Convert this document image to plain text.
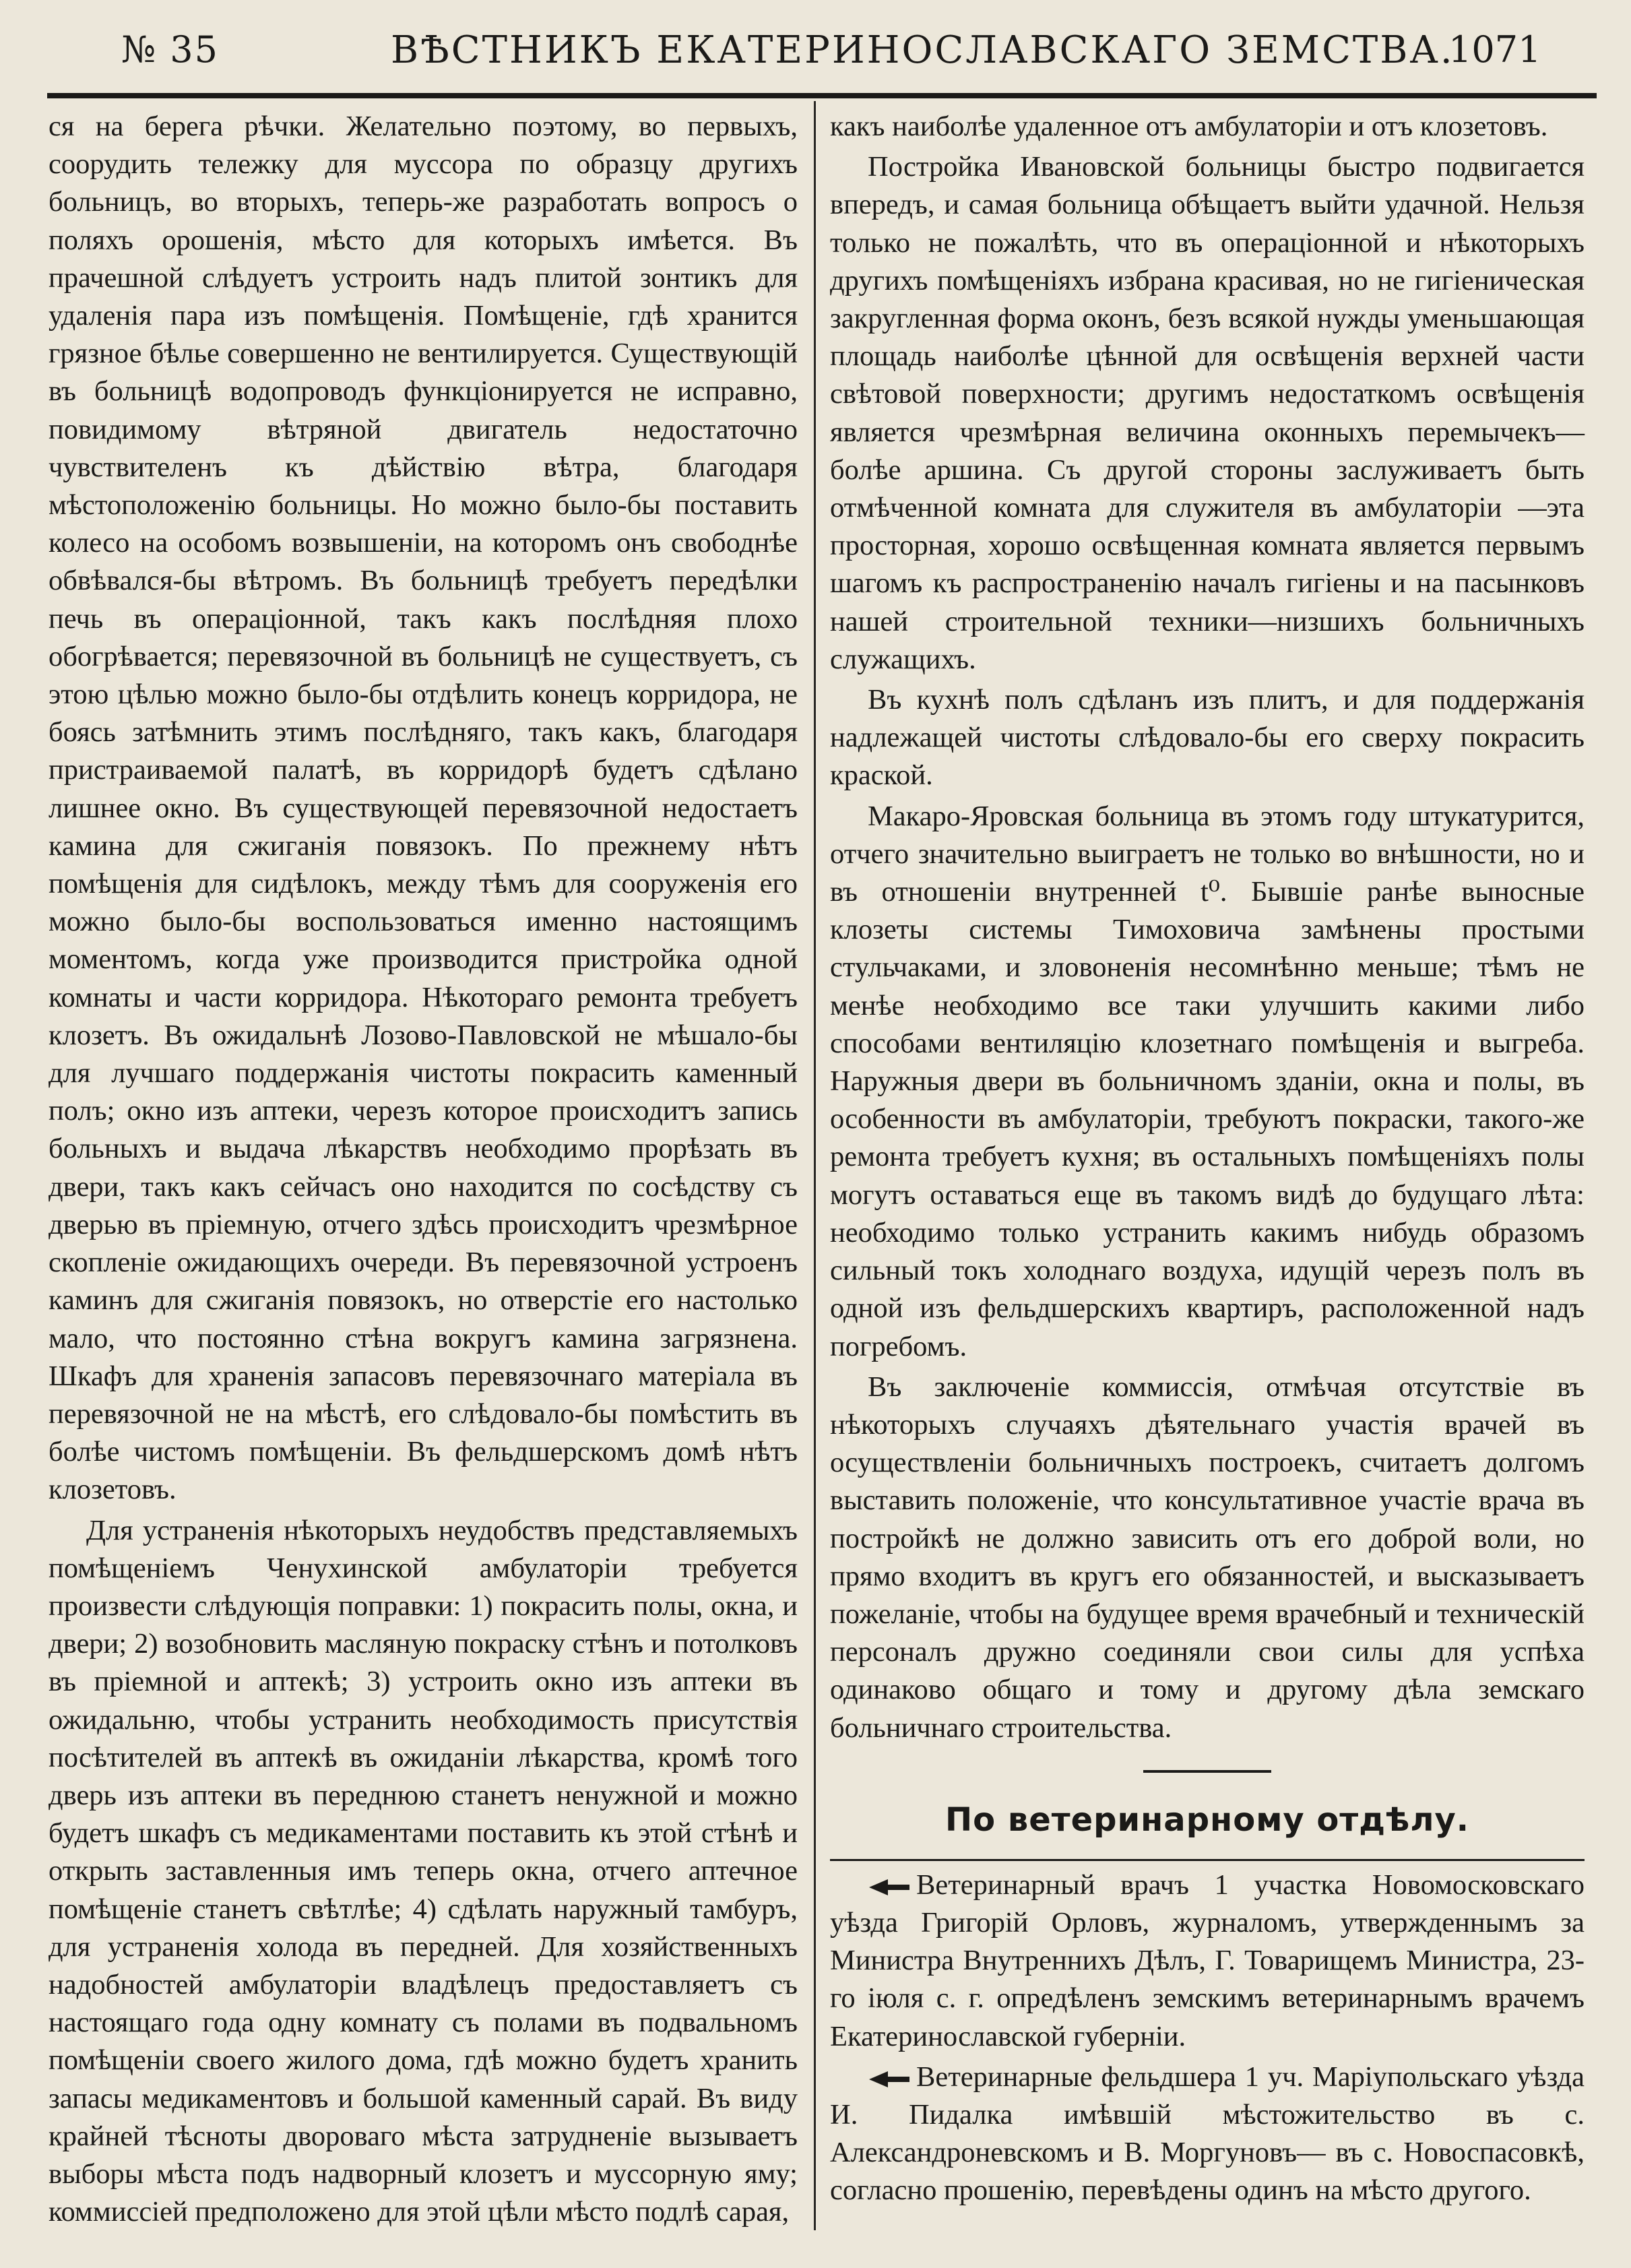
№ 35	ВѢСТНИКЪ ЕКАТЕРИНОСЛАВСКАГО ЗЕМСТВА.
1071

ся на берега рѣчки. Желательно поэтому, во первыхъ, соорудить тележку для муссора по образцу другихъ больницъ, во вторыхъ, теперь-же разработать вопросъ о поляхъ орошенія, мѣсто для которыхъ имѣется. Въ прачешной слѣдуетъ устроить надъ плитой зонтикъ для удаленія пара изъ помѣщенія. Помѣщеніе, гдѣ хранится грязное бѣлье совершенно не вентилируется. Существующій въ больницѣ водопроводъ функціонируется не исправно, повидимому вѣтряной двигатель недостаточно чувствителенъ къ дѣйствію вѣтра, благодаря мѣстоположенію больницы. Но можно было-бы поставить колесо на особомъ возвышеніи, на которомъ онъ свободнѣе обвѣвался-бы вѣтромъ. Въ больницѣ требуетъ передѣлки печь въ операціонной, такъ какъ послѣдняя плохо обогрѣвается; перевязочной въ больницѣ не существуетъ, съ этою цѣлью можно было-бы отдѣлить конецъ корридора, не боясь затѣмнить этимъ послѣдняго, такъ какъ, благодаря пристраиваемой палатѣ, въ корридорѣ будетъ сдѣлано лишнее окно. Въ существующей перевязочной недостаетъ камина для сжиганія повязокъ. По прежнему нѣтъ помѣщенія для сидѣлокъ, между тѣмъ для сооруженія его можно было-бы воспользоваться именно настоящимъ моментомъ, когда уже производится пристройка одной комнаты и части корридора. Нѣкотораго ремонта требуетъ клозетъ. Въ ожидальнѣ Лозово-Павловской не мѣшало-бы для лучшаго поддержанія чистоты покрасить каменный полъ; окно изъ аптеки, черезъ которое происходитъ запись больныхъ и выдача лѣкарствъ необходимо прорѣзать въ двери, такъ какъ сейчасъ оно находится по сосѣдству съ дверью въ пріемную, отчего здѣсь происходитъ чрезмѣрное скопленіе ожидающихъ очереди. Въ перевязочной устроенъ каминъ для сжиганія повязокъ, но отверстіе его настолько мало, что постоянно стѣна вокругъ камина загрязнена. Шкафъ для храненія запасовъ перевязочнаго матеріала въ перевязочной не на мѣстѣ, его слѣдовало-бы помѣстить въ болѣе чистомъ помѣщеніи. Въ фельдшерскомъ домѣ нѣтъ клозетовъ.

Для устраненія нѣкоторыхъ неудобствъ представляемыхъ помѣщеніемъ Ченухинской амбулаторіи требуется произвести слѣдующія поправки: 1) покрасить полы, окна, и двери; 2) возобновить масляную покраску стѣнъ и потолковъ въ пріемной и аптекѣ; 3) устроить окно изъ аптеки въ ожидальню, чтобы устранить необходимость присутствія посѣтителей въ аптекѣ въ ожиданіи лѣкарства, кромѣ того дверь изъ аптеки въ переднюю станетъ ненужной и можно будетъ шкафъ съ медикаментами поставить къ этой стѣнѣ и открыть заставленныя имъ теперь окна, отчего аптечное помѣщеніе станетъ свѣтлѣе; 4) сдѣлать наружный тамбуръ, для устраненія холода въ передней. Для хозяйственныхъ надобностей амбулаторіи владѣлецъ предоставляетъ съ настоящаго года одну комнату съ полами въ подвальномъ помѣщеніи своего жилого дома, гдѣ можно будетъ хранить запасы медикаментовъ и большой каменный сарай. Въ виду крайней тѣсноты двороваго мѣста затрудненіе вызываетъ выборы мѣста подъ надворный клозетъ и муссорную яму; коммиссіей предположено для этой цѣли мѣсто подлѣ сарая,

какъ наиболѣе удаленное отъ амбулаторіи и отъ клозетовъ.

Постройка Ивановской больницы быстро подвигается впередъ, и самая больница обѣщаетъ выйти удачной. Нельзя только не пожалѣть, что въ операціонной и нѣкоторыхъ другихъ помѣщеніяхъ избрана красивая, но не гигіеническая закругленная форма оконъ, безъ всякой нужды уменьшающая площадь наиболѣе цѣнной для освѣщенія верхней части свѣтовой поверхности; другимъ недостаткомъ освѣщенія является чрезмѣрная величина оконныхъ перемычекъ—болѣе аршина. Съ другой стороны заслуживаетъ быть отмѣченной комната для служителя въ амбулаторіи —эта просторная, хорошо освѣщенная комната является первымъ шагомъ къ распространенію началъ гигіены и на пасынковъ нашей строительной техники—низшихъ больничныхъ служащихъ.

Въ кухнѣ полъ сдѣланъ изъ плитъ, и для поддержанія надлежащей чистоты слѣдовало-бы его сверху покрасить краской.

Макаро-Яровская больница въ этомъ году штукатурится, отчего значительно выиграетъ не только во внѣшности, но и въ отношеніи внутренней t⁰. Бывшіе ранѣе выносные клозеты системы Тимоховича замѣнены простыми стульчаками, и зловоненія несомнѣнно меньше; тѣмъ не менѣе необходимо все таки улучшить какими либо способами вентиляцію клозетнаго помѣщенія и выгреба. Наружныя двери въ больничномъ зданіи, окна и полы, въ особенности въ амбулаторіи, требуютъ покраски, такого-же ремонта требуетъ кухня; въ остальныхъ помѣщеніяхъ полы могутъ оставаться еще въ такомъ видѣ до будущаго лѣта: необходимо только устранить какимъ нибудь образомъ сильный токъ холоднаго воздуха, идущій черезъ полъ въ одной изъ фельдшерскихъ квартиръ, расположенной надъ погребомъ.

Въ заключеніе коммиссія, отмѣчая отсутствіе въ нѣкоторыхъ случаяхъ дѣятельнаго участія врачей въ осуществленіи больничныхъ построекъ, считаетъ долгомъ выставить положеніе, что консультативное участіе врача въ постройкѣ не должно зависить отъ его доброй воли, но прямо входитъ въ кругъ его обязанностей, и высказываетъ пожеланіе, чтобы на будущее время врачебный и техническій персоналъ дружно соединяли свои силы для успѣха одинаково общаго и тому и другому дѣла земскаго больничнаго строительства.

По ветеринарному отдѣлу.

Ветеринарный врачъ 1 участка Новомосковскаго уѣзда Григорій Орловъ, журналомъ, утвержденнымъ за Министра Внутреннихъ Дѣлъ, Г. Товарищемъ Министра, 23-го іюля с. г. опредѣленъ земскимъ ветеринарнымъ врачемъ Екатеринославской губерніи.

Ветеринарные фельдшера 1 уч. Маріупольскаго уѣзда И. Пидалка имѣвшій мѣстожительство въ с. Александроневскомъ и В. Моргуновъ— въ с. Новоспасовкѣ, согласно прошенію, перевѣдены одинъ на мѣсто другого.
